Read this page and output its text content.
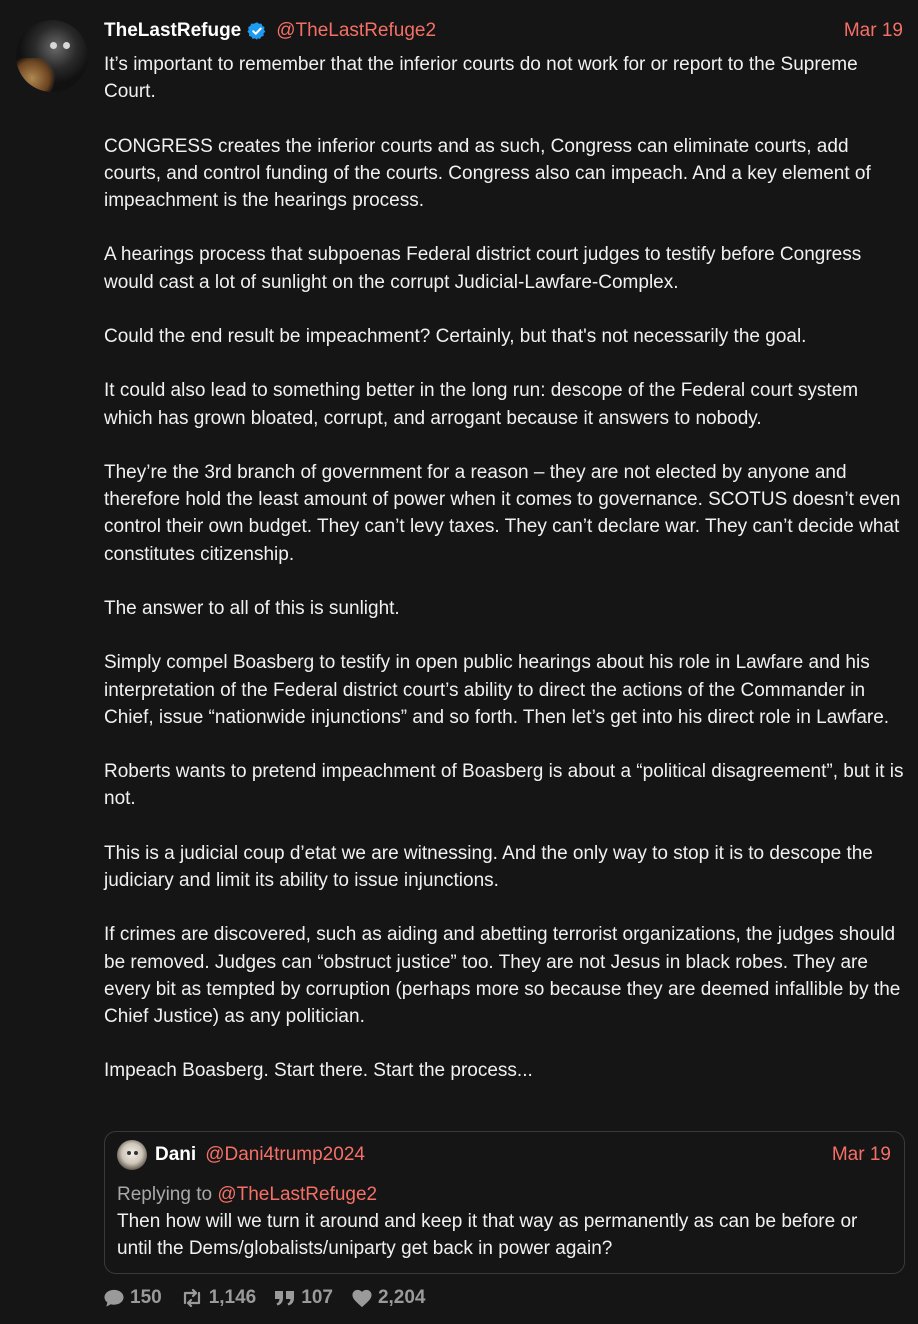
TheLastRefuge @TheLastRefuge2	Mar 19

It’s important to remember that the inferior courts do not work for or report to the Supreme Court.

CONGRESS creates the inferior courts and as such, Congress can eliminate courts, add courts, and control funding of the courts. Congress also can impeach. And a key element of impeachment is the hearings process.

A hearings process that subpoenas Federal district court judges to testify before Congress would cast a lot of sunlight on the corrupt Judicial-Lawfare-Complex.

Could the end result be impeachment? Certainly, but that's not necessarily the goal.

It could also lead to something better in the long run: descope of the Federal court system which has grown bloated, corrupt, and arrogant because it answers to nobody.

They’re the 3rd branch of government for a reason – they are not elected by anyone and therefore hold the least amount of power when it comes to governance. SCOTUS doesn’t even control their own budget. They can’t levy taxes. They can’t declare war. They can’t decide what constitutes citizenship.

The answer to all of this is sunlight.

Simply compel Boasberg to testify in open public hearings about his role in Lawfare and his interpretation of the Federal district court’s ability to direct the actions of the Commander in Chief, issue “nationwide injunctions” and so forth. Then let’s get into his direct role in Lawfare.

Roberts wants to pretend impeachment of Boasberg is about a “political disagreement”, but it is not.

This is a judicial coup d’etat we are witnessing. And the only way to stop it is to descope the judiciary and limit its ability to issue injunctions.

If crimes are discovered, such as aiding and abetting terrorist organizations, the judges should be removed. Judges can “obstruct justice” too. They are not Jesus in black robes. They are every bit as tempted by corruption (perhaps more so because they are deemed infallible by the Chief Justice) as any politician.

Impeach Boasberg. Start there. Start the process...

Dani @Dani4trump2024	Mar 19
Replying to @TheLastRefuge2
Then how will we turn it around and keep it that way as permanently as can be before or until the Dems/globalists/uniparty get back in power again?
150 1,146 107 2,204
